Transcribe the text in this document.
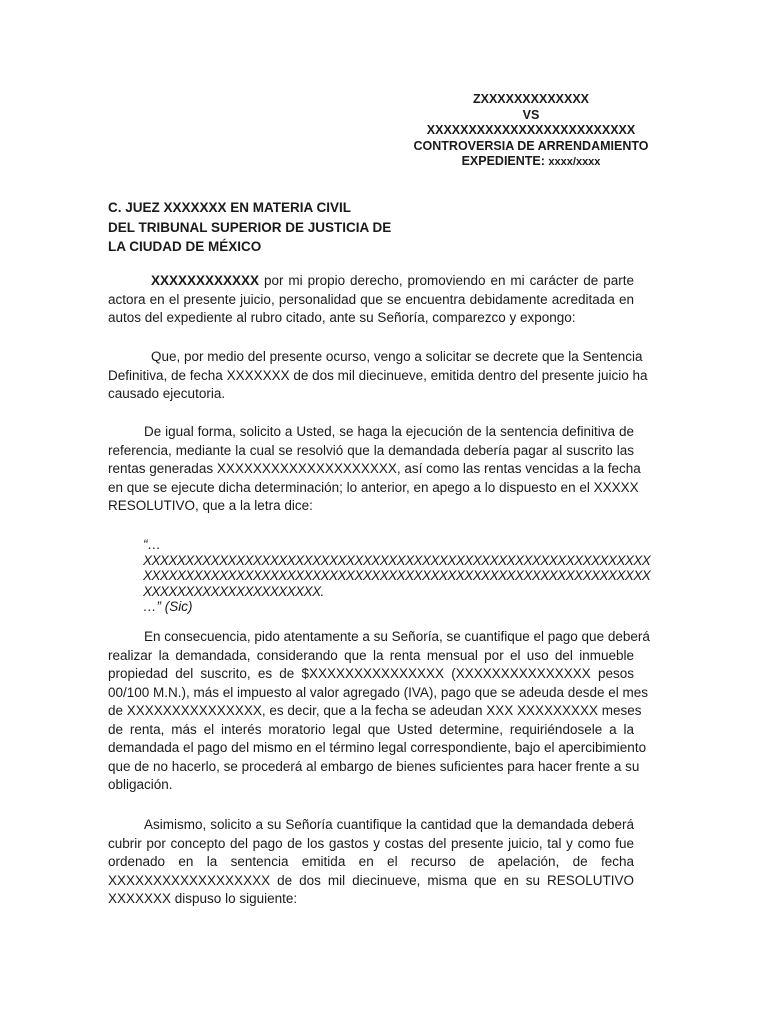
ZXXXXXXXXXXXXX
VS
XXXXXXXXXXXXXXXXXXXXXXXXX
CONTROVERSIA DE ARRENDAMIENTO
EXPEDIENTE: xxxx/xxxx
C. JUEZ XXXXXXX EN MATERIA CIVIL
DEL TRIBUNAL SUPERIOR DE JUSTICIA DE
LA CIUDAD DE MÉXICO
XXXXXXXXXXXX por mi propio derecho, promoviendo en mi carácter de parte
actora en el presente juicio, personalidad que se encuentra debidamente acreditada en
autos del expediente al rubro citado, ante su Señoría, comparezco y expongo:
Que, por medio del presente ocurso, vengo a solicitar se decrete que la Sentencia
Definitiva, de fecha XXXXXXX de dos mil diecinueve, emitida dentro del presente juicio ha
causado ejecutoria.
De igual forma, solicito a Usted, se haga la ejecución de la sentencia definitiva de
referencia, mediante la cual se resolvió que la demandada debería pagar al suscrito las
rentas generadas XXXXXXXXXXXXXXXXXXXX, así como las rentas vencidas a la fecha
en que se ejecute dicha determinación; lo anterior, en apego a lo dispuesto en el XXXXX
RESOLUTIVO, que a la letra dice:
“…
XXXXXXXXXXXXXXXXXXXXXXXXXXXXXXXXXXXXXXXXXXXXXXXXXXXXXXXXXXXX
XXXXXXXXXXXXXXXXXXXXXXXXXXXXXXXXXXXXXXXXXXXXXXXXXXXXXXXXXXXX
XXXXXXXXXXXXXXXXXXXXX.
…” (Sic)
En consecuencia, pido atentamente a su Señoría, se cuantifique el pago que deberá
realizar la demandada, considerando que la renta mensual por el uso del inmueble
propiedad del suscrito, es de $XXXXXXXXXXXXXXX (XXXXXXXXXXXXXXX pesos
00/100 M.N.), más el impuesto al valor agregado (IVA), pago que se adeuda desde el mes
de XXXXXXXXXXXXXXX, es decir, que a la fecha se adeudan XXX XXXXXXXXX meses
de renta, más el interés moratorio legal que Usted determine, requiriéndosele a la
demandada el pago del mismo en el término legal correspondiente, bajo el apercibimiento
que de no hacerlo, se procederá al embargo de bienes suficientes para hacer frente a su
obligación.
Asimismo, solicito a su Señoría cuantifique la cantidad que la demandada deberá
cubrir por concepto del pago de los gastos y costas del presente juicio, tal y como fue
ordenado en la sentencia emitida en el recurso de apelación, de fecha
XXXXXXXXXXXXXXXXXX de dos mil diecinueve, misma que en su RESOLUTIVO
XXXXXXX dispuso lo siguiente:
